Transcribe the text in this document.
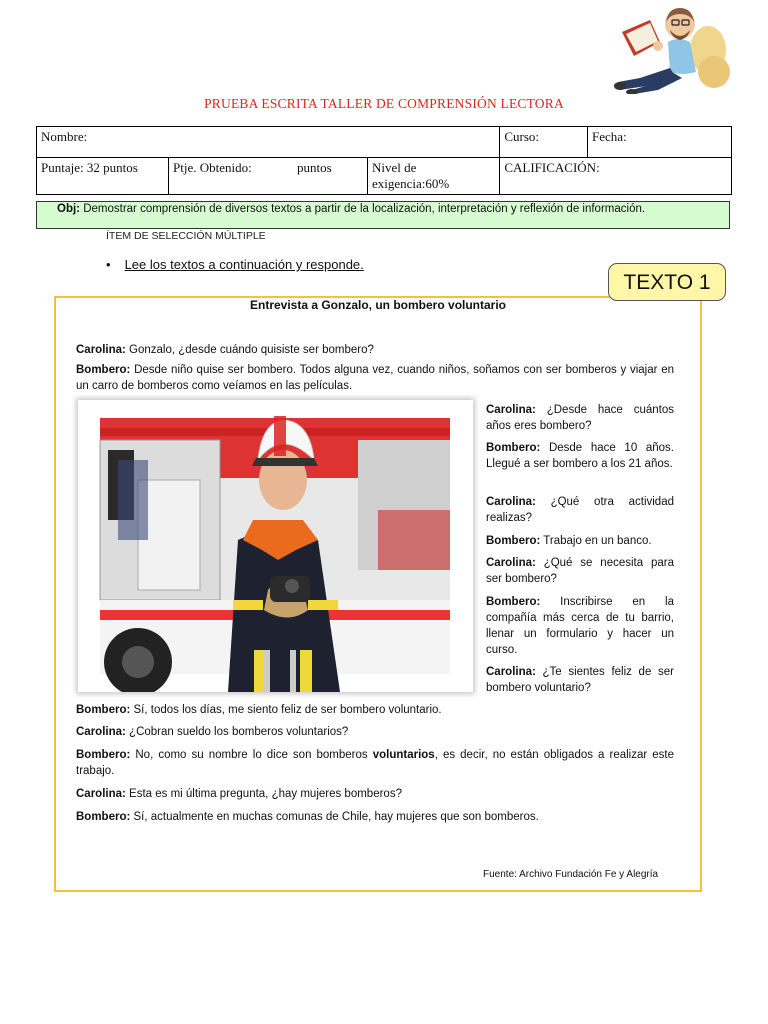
PRUEBA ESCRITA TALLER DE COMPRENSIÓN LECTORA
Nombre:			Curso:	Fecha:
Puntaje: 32 puntos	Ptje. Obtenido: puntos	Nivel de exigencia:60%	CALIFICACIÓN:	
Obj: Demostrar comprensión de diversos textos a partir de la localización, interpretación y reflexión de información.
ÍTEM DE SELECCIÓN MÚLTIPLE
• Lee los textos a continuación y responde.
TEXTO 1
Entrevista a Gonzalo, un bombero voluntario
Carolina: Gonzalo, ¿desde cuándo quisiste ser bombero?
Bombero: Desde niño quise ser bombero. Todos alguna vez, cuando niños, soñamos con ser bomberos y viajar en un carro de bomberos como veíamos en las películas.
Carolina: ¿Desde hace cuántos años eres bombero?
Bombero: Desde hace 10 años. Llegué a ser bombero a los 21 años.
Carolina: ¿Qué otra actividad realizas?
Bombero: Trabajo en un banco.
Carolina: ¿Qué se necesita para ser bombero?
Bombero: Inscribirse en la compañía más cerca de tu barrio, llenar un formulario y hacer un curso.
Carolina: ¿Te sientes feliz de ser bombero voluntario?
Bombero: Sí, todos los días, me siento feliz de ser bombero voluntario.
Carolina: ¿Cobran sueldo los bomberos voluntarios?
Bombero: No, como su nombre lo dice son bomberos voluntarios, es decir, no están obligados a realizar este trabajo.
Carolina: Esta es mi última pregunta, ¿hay mujeres bomberos?
Bombero: Sí, actualmente en muchas comunas de Chile, hay mujeres que son bomberos.
Fuente: Archivo Fundación Fe y Alegría
